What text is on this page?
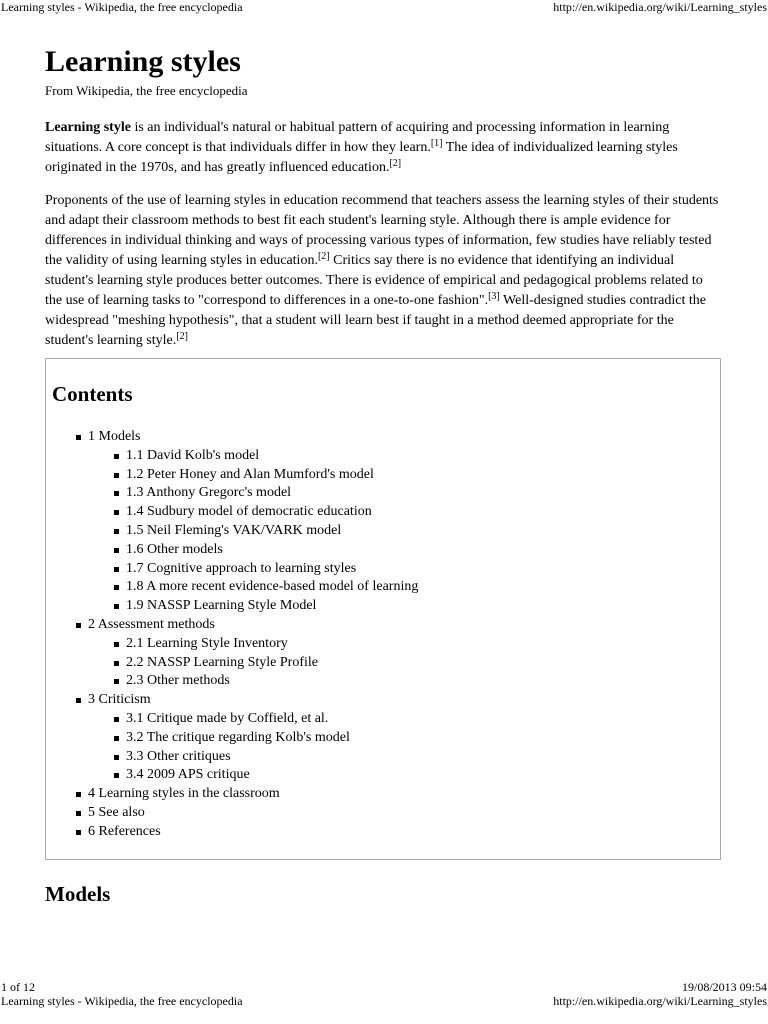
Learning styles - Wikipedia, the free encyclopedia	http://en.wikipedia.org/wiki/Learning_styles
Learning styles
From Wikipedia, the free encyclopedia

Learning style is an individual's natural or habitual pattern of acquiring and processing information in learning situations. A core concept is that individuals differ in how they learn.[1] The idea of individualized learning styles originated in the 1970s, and has greatly influenced education.[2]

Proponents of the use of learning styles in education recommend that teachers assess the learning styles of their students and adapt their classroom methods to best fit each student's learning style. Although there is ample evidence for differences in individual thinking and ways of processing various types of information, few studies have reliably tested the validity of using learning styles in education.[2] Critics say there is no evidence that identifying an individual student's learning style produces better outcomes. There is evidence of empirical and pedagogical problems related to the use of learning tasks to "correspond to differences in a one-to-one fashion".[3] Well-designed studies contradict the widespread "meshing hypothesis", that a student will learn best if taught in a method deemed appropriate for the student's learning style.[2]

Contents
1 Models
1.1 David Kolb's model
1.2 Peter Honey and Alan Mumford's model
1.3 Anthony Gregorc's model
1.4 Sudbury model of democratic education
1.5 Neil Fleming's VAK/VARK model
1.6 Other models
1.7 Cognitive approach to learning styles
1.8 A more recent evidence-based model of learning
1.9 NASSP Learning Style Model
2 Assessment methods
2.1 Learning Style Inventory
2.2 NASSP Learning Style Profile
2.3 Other methods
3 Criticism
3.1 Critique made by Coffield, et al.
3.2 The critique regarding Kolb's model
3.3 Other critiques
3.4 2009 APS critique
4 Learning styles in the classroom
5 See also
6 References
Models
1 of 12	19/08/2013 09:54
Learning styles - Wikipedia, the free encyclopedia	http://en.wikipedia.org/wiki/Learning_styles
